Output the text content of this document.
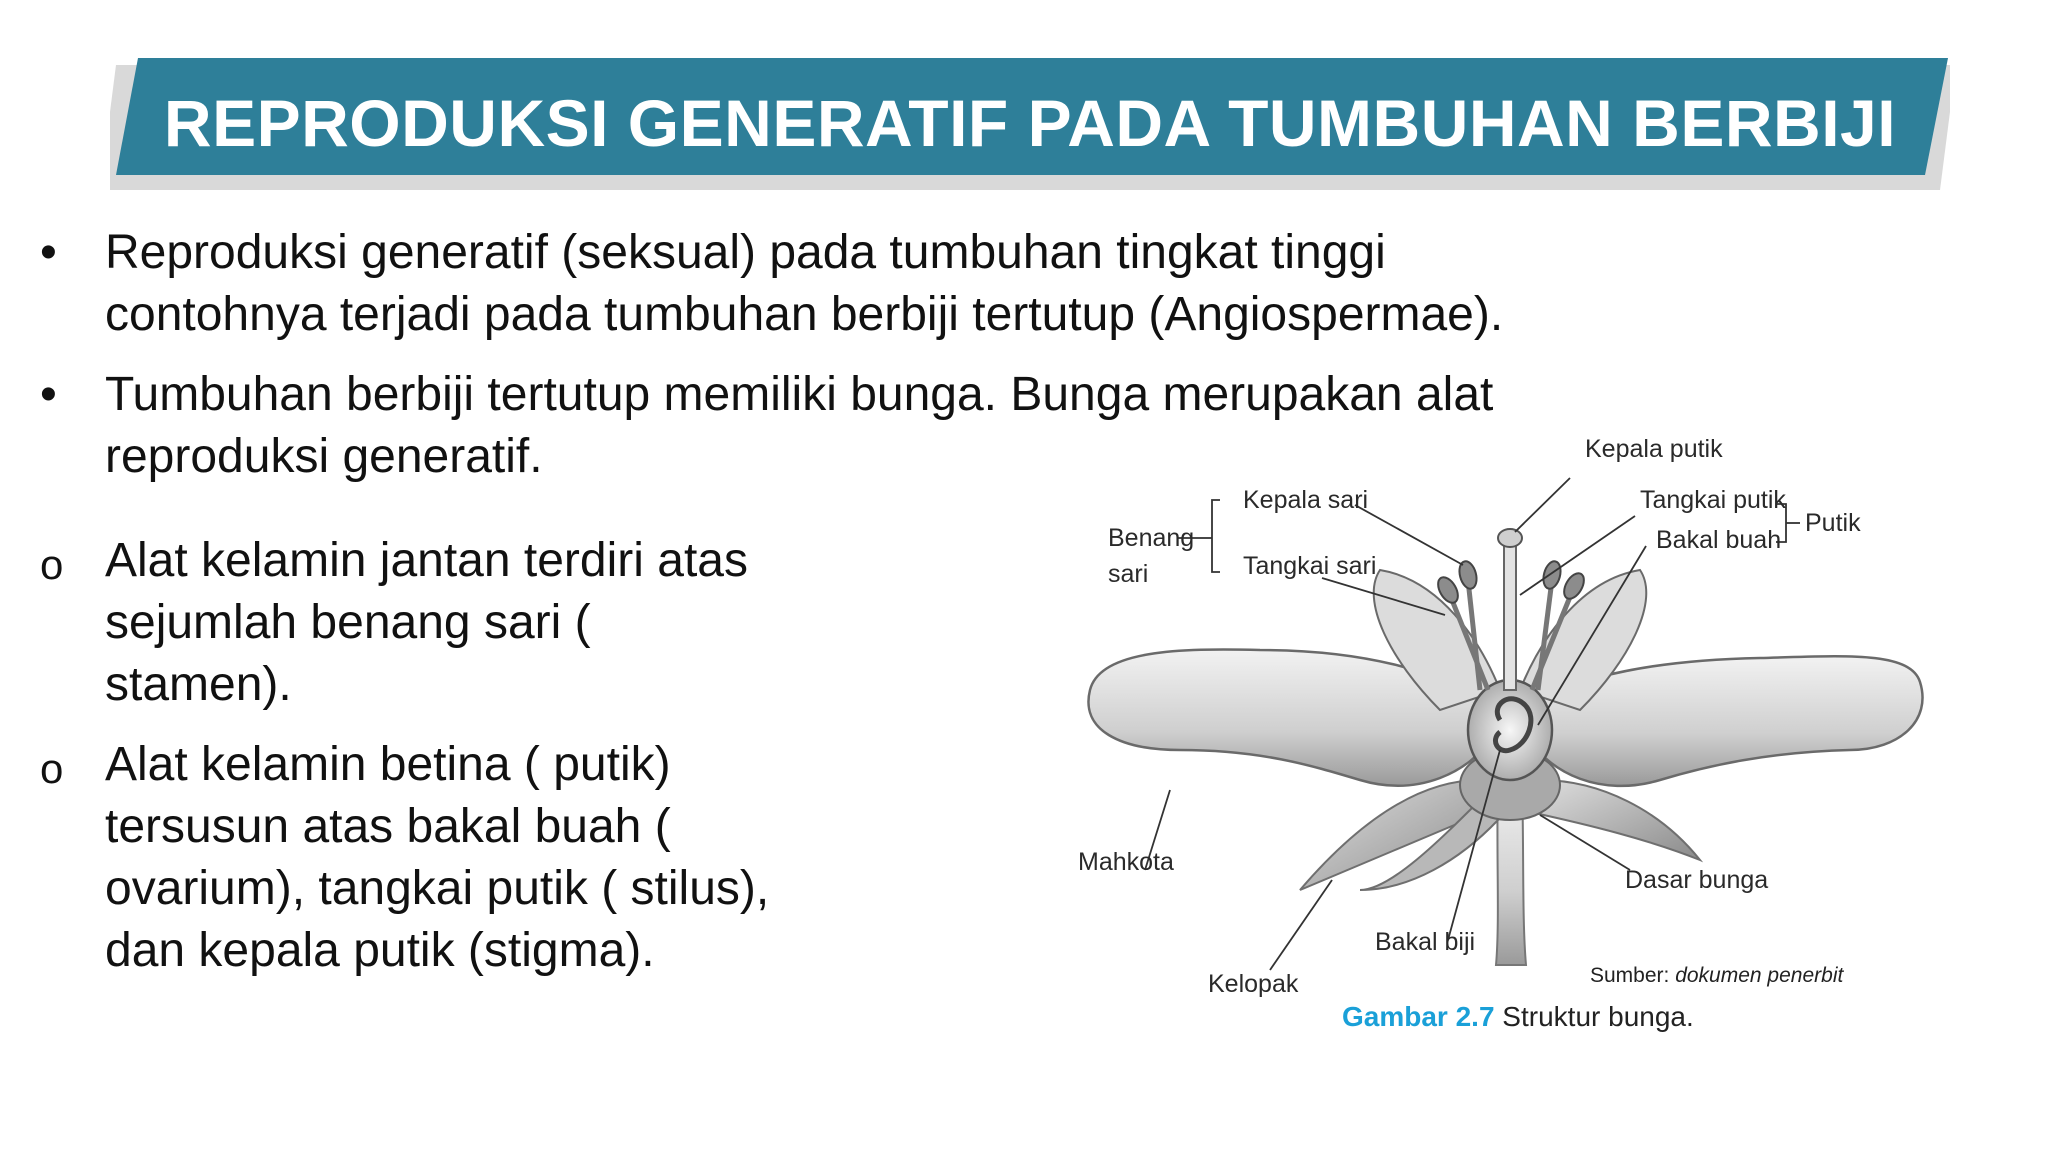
REPRODUKSI GENERATIF PADA TUMBUHAN BERBIJI
•	Reproduksi generatif (seksual) pada tumbuhan tingkat tinggi
contohnya terjadi pada tumbuhan berbiji tertutup (Angiospermae).
•	Tumbuhan berbiji tertutup memiliki bunga. Bunga merupakan alat
reproduksi generatif.
o Alat kelamin jantan terdiri atas
sejumlah benang sari (
stamen).
o Alat kelamin betina ( putik)
tersusun atas bakal buah (
ovarium), tangkai putik ( stilus),
dan kepala putik (stigma).
Kepala putik
Kepala sari	Tangkai putik
Putik
Benang
sari	Tangkai sari
Bakal buah
Mahkota
Dasar bunga
Bakal biji
Kelopak	Sumber: dokumen penerbit
Gambar 2.7 Struktur bunga.
